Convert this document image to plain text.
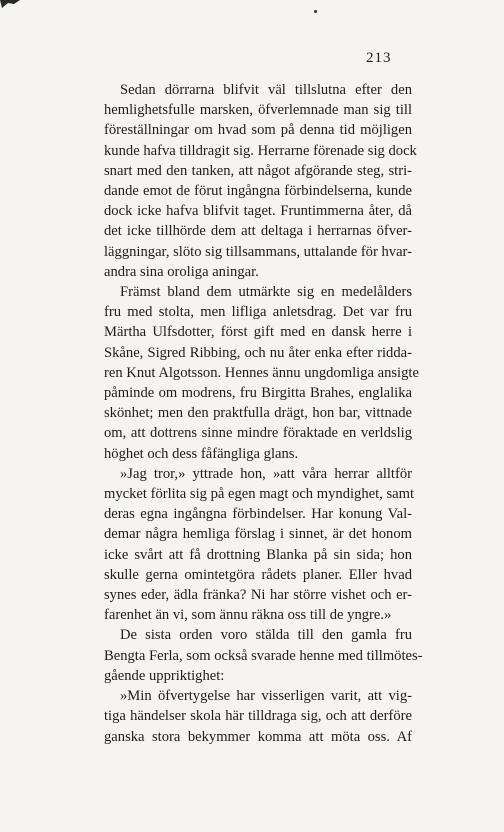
213
Sedan dörrarna blifvit väl tillslutna efter den
hemlighetsfulle marsken, öfverlemnade man sig till
föreställningar om hvad som på denna tid möjligen
kunde hafva tilldragit sig. Herrarne förenade sig dock
snart med den tanken, att något afgörande steg, stri-
dande emot de förut ingångna förbindelserna, kunde
dock icke hafva blifvit taget. Fruntimmerna åter, då
det icke tillhörde dem att deltaga i herrarnas öfver-
läggningar, slöto sig tillsammans, uttalande för hvar-
andra sina oroliga aningar.
Främst bland dem utmärkte sig en medelålders
fru med stolta, men lifliga anletsdrag. Det var fru
Märtha Ulfsdotter, först gift med en dansk herre i
Skåne, Sigred Ribbing, och nu åter enka efter ridda-
ren Knut Algotsson. Hennes ännu ungdomliga ansigte
påminde om modrens, fru Birgitta Brahes, englalika
skönhet; men den praktfulla drägt, hon bar, vittnade
om, att dottrens sinne mindre föraktade en verldslig
höghet och dess fåfängliga glans.
»Jag tror,» yttrade hon, »att våra herrar alltför
mycket förlita sig på egen magt och myndighet, samt
deras egna ingångna förbindelser. Har konung Val-
demar några hemliga förslag i sinnet, är det honom
icke svårt att få drottning Blanka på sin sida; hon
skulle gerna omintetgöra rådets planer. Eller hvad
synes eder, ädla fränka? Ni har större vishet och er-
farenhet än vi, som ännu räkna oss till de yngre.»
De sista orden voro stälda till den gamla fru
Bengta Ferla, som också svarade henne med tillmötes-
gående uppriktighet:
»Min öfvertygelse har visserligen varit, att vig-
tiga händelser skola här tilldraga sig, och att derföre
ganska stora bekymmer komma att möta oss. Af
